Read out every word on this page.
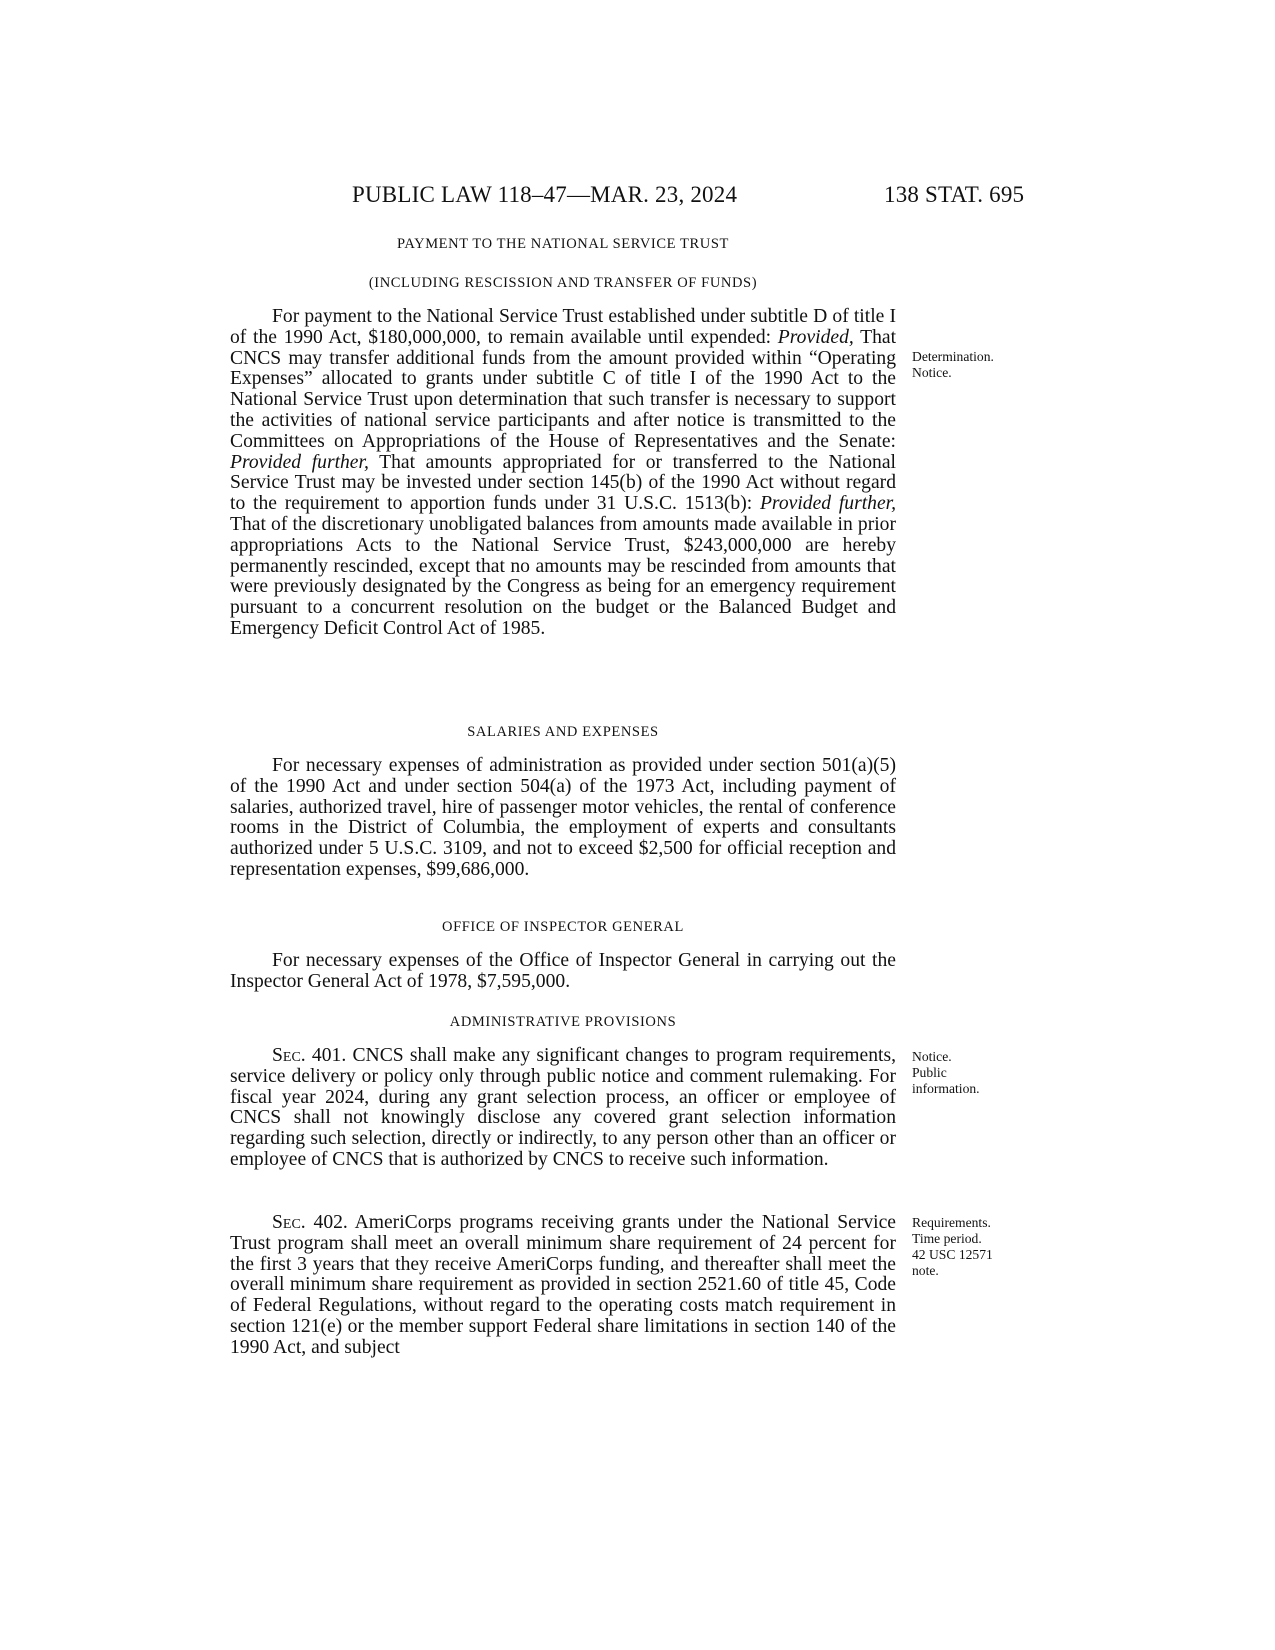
PUBLIC LAW 118–47—MAR. 23, 2024	138 STAT. 695
PAYMENT TO THE NATIONAL SERVICE TRUST
(INCLUDING RESCISSION AND TRANSFER OF FUNDS)

For payment to the National Service Trust established under subtitle D of title I of the 1990 Act, $180,000,000, to remain available until expended: Provided, That CNCS may transfer additional funds from the amount provided within “Operating Expenses” allocated to grants under subtitle C of title I of the 1990 Act to the National Service Trust upon determination that such transfer is necessary to support the activities of national service participants and after notice is transmitted to the Committees on Appropriations of the House of Representatives and the Senate: Provided further, That amounts appropriated for or transferred to the National Service Trust may be invested under section 145(b) of the 1990 Act without regard to the requirement to apportion funds under 31 U.S.C. 1513(b): Provided further, That of the discretionary unobligated balances from amounts made available in prior appropriations Acts to the National Service Trust, $243,000,000 are hereby permanently rescinded, except that no amounts may be rescinded from amounts that were previously designated by the Congress as being for an emergency requirement pursuant to a concurrent resolution on the budget or the Balanced Budget and Emergency Deficit Control Act of 1985.

Determination.
Notice.
SALARIES AND EXPENSES

For necessary expenses of administration as provided under section 501(a)(5) of the 1990 Act and under section 504(a) of the 1973 Act, including payment of salaries, authorized travel, hire of passenger motor vehicles, the rental of conference rooms in the District of Columbia, the employment of experts and consultants authorized under 5 U.S.C. 3109, and not to exceed $2,500 for official reception and representation expenses, $99,686,000.

OFFICE OF INSPECTOR GENERAL

For necessary expenses of the Office of Inspector General in carrying out the Inspector General Act of 1978, $7,595,000.

ADMINISTRATIVE PROVISIONS

Sec. 401. CNCS shall make any significant changes to program requirements, service delivery or policy only through public notice and comment rulemaking. For fiscal year 2024, during any grant selection process, an officer or employee of CNCS shall not knowingly disclose any covered grant selection information regarding such selection, directly or indirectly, to any person other than an officer or employee of CNCS that is authorized by CNCS to receive such information.

Notice.
Public
information.

Sec. 402. AmeriCorps programs receiving grants under the National Service Trust program shall meet an overall minimum share requirement of 24 percent for the first 3 years that they receive AmeriCorps funding, and thereafter shall meet the overall minimum share requirement as provided in section 2521.60 of title 45, Code of Federal Regulations, without regard to the operating costs match requirement in section 121(e) or the member support Federal share limitations in section 140 of the 1990 Act, and subject

Requirements.
Time period.
42 USC 12571
note.
